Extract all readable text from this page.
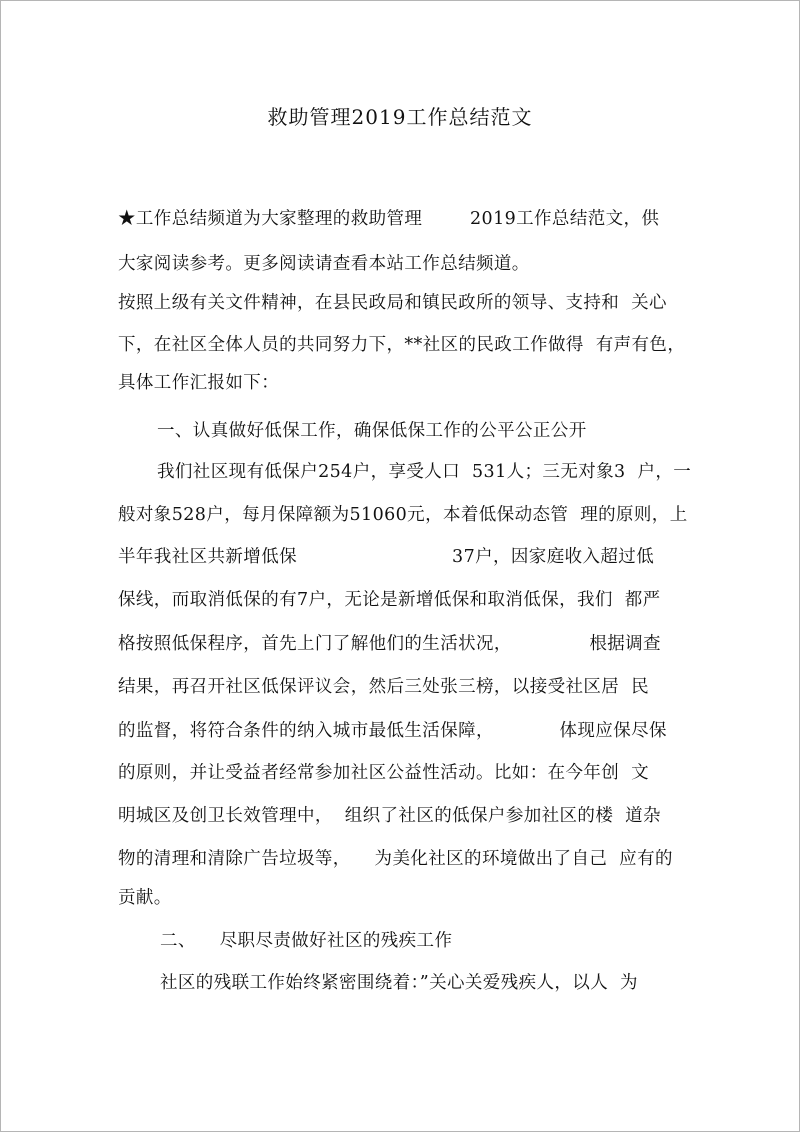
救助管理2019工作总结范文
★工作总结频道为大家整理的救助管理        2019工作总结范文，供
大家阅读参考。更多阅读请查看本站工作总结频道。
按照上级有关文件精神，在县民政局和镇民政所的领导、支持和  关心
下，在社区全体人员的共同努力下，**社区的民政工作做得  有声有色，
具体工作汇报如下：
一、认真做好低保工作，确保低保工作的公平公正公开
我们社区现有低保户254户，享受人口  531人；三无对象3  户，一
般对象528户，每月保障额为51060元，本着低保动态管  理的原则，上
半年我社区共新增低保                          37户，因家庭收入超过低
保线，而取消低保的有7户，无论是新增低保和取消低保，我们  都严
格按照低保程序，首先上门了解他们的生活状况，             根据调查
结果，再召开社区低保评议会，然后三处张三榜，以接受社区居  民
的监督，将符合条件的纳入城市最低生活保障，           体现应保尽保
的原则，并让受益者经常参加社区公益性活动。比如：在今年创  文
明城区及创卫长效管理中，  组织了社区的低保户参加社区的楼  道杂
物的清理和清除广告垃圾等，    为美化社区的环境做出了自己  应有的
贡献。
二、    尽职尽责做好社区的残疾工作
社区的残联工作始终紧密围绕着：”关心关爱残疾人，以人  为
